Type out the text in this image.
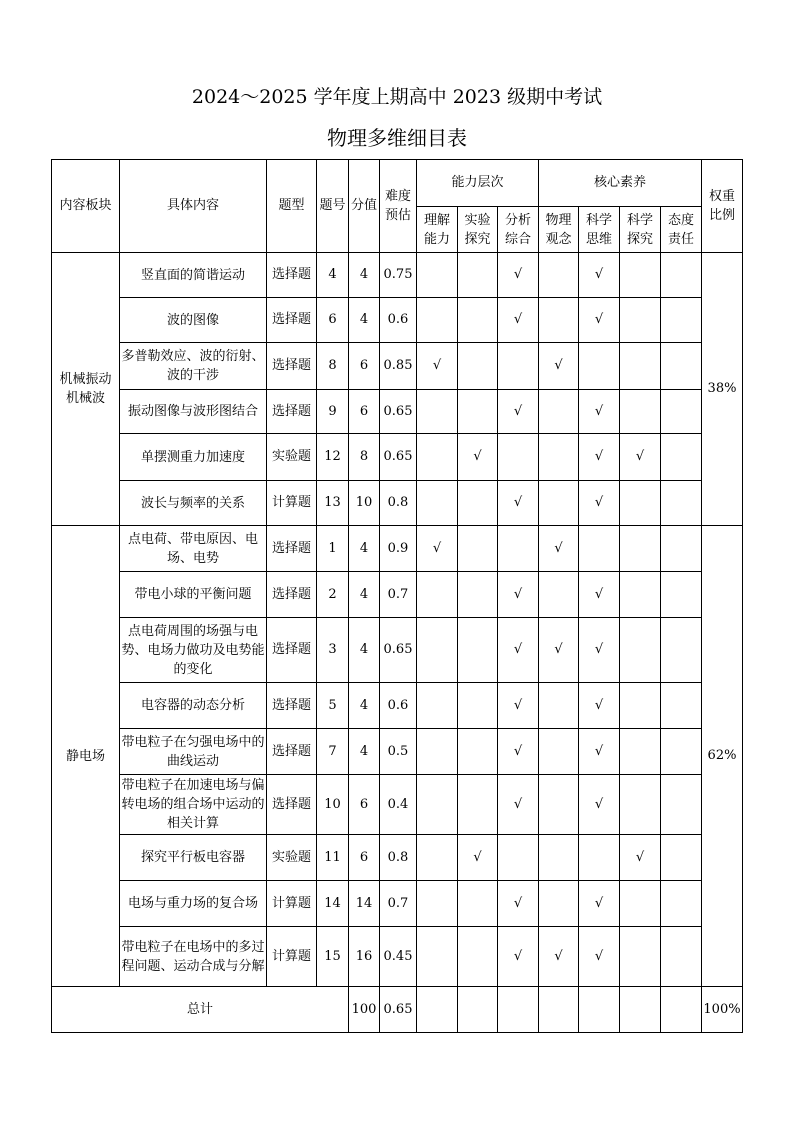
2024～2025 学年度上期高中 2023 级期中考试
物理多维细目表
内容板块	具体内容	题型	题号	分值	难度预估	能力层次			核心素养				权重比例
						理解能力	实验探究	分析综合	物理观念	科学思维	科学探究	态度责任	
机械振动机械波	竖直面的简谐运动	选择题	4	4	0.75			√		√			38%
	波的图像	选择题	6	4	0.6			√		√			
	多普勒效应、波的衍射、波的干涉	选择题	8	6	0.85	√			√				
	振动图像与波形图结合	选择题	9	6	0.65			√		√			
	单摆测重力加速度	实验题	12	8	0.65		√			√	√		
	波长与频率的关系	计算题	13	10	0.8			√		√			
静电场	点电荷、带电原因、电场、电势	选择题	1	4	0.9	√			√				62%
	带电小球的平衡问题	选择题	2	4	0.7			√		√			
	点电荷周围的场强与电势、电场力做功及电势能的变化	选择题	3	4	0.65			√	√	√			
	电容器的动态分析	选择题	5	4	0.6			√		√			
	带电粒子在匀强电场中的曲线运动	选择题	7	4	0.5			√		√			
	带电粒子在加速电场与偏转电场的组合场中运动的相关计算	选择题	10	6	0.4			√		√			
	探究平行板电容器	实验题	11	6	0.8		√				√		
	电场与重力场的复合场	计算题	14	14	0.7			√		√			
	带电粒子在电场中的多过程问题、运动合成与分解	计算题	15	16	0.45			√	√	√			
总计				100	0.65								100%
